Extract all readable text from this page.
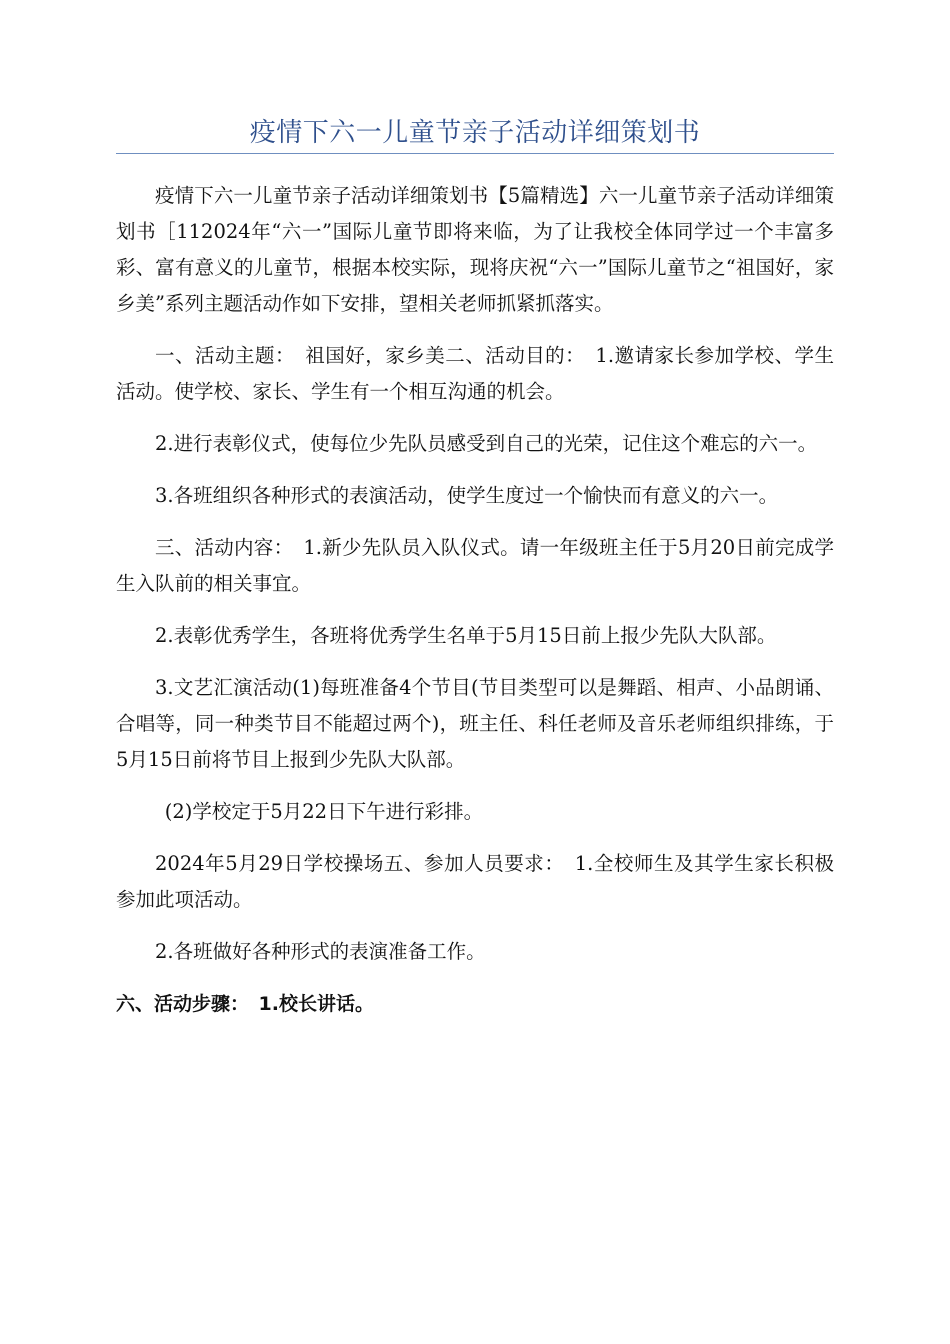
疫情下六一儿童节亲子活动详细策划书

疫情下六一儿童节亲子活动详细策划书【5篇精选】六一儿童节亲子活动详细策划书［112024年“六一”国际儿童节即将来临，为了让我校全体同学过一个丰富多彩、富有意义的儿童节，根据本校实际，现将庆祝“六一”国际儿童节之“祖国好，家乡美”系列主题活动作如下安排，望相关老师抓紧抓落实。

一、活动主题：　祖国好，家乡美二、活动目的：　1.邀请家长参加学校、学生活动。使学校、家长、学生有一个相互沟通的机会。

2.进行表彰仪式，使每位少先队员感受到自己的光荣，记住这个难忘的六一。

3.各班组织各种形式的表演活动，使学生度过一个愉快而有意义的六一。

三、活动内容：　1.新少先队员入队仪式。请一年级班主任于5月20日前完成学生入队前的相关事宜。

2.表彰优秀学生，各班将优秀学生名单于5月15日前上报少先队大队部。

3.文艺汇演活动(1)每班准备4个节目(节目类型可以是舞蹈、相声、小品朗诵、合唱等，同一种类节目不能超过两个)，班主任、科任老师及音乐老师组织排练，于5月15日前将节目上报到少先队大队部。

(2)学校定于5月22日下午进行彩排。

2024年5月29日学校操场五、参加人员要求：　1.全校师生及其学生家长积极参加此项活动。

2.各班做好各种形式的表演准备工作。

六、活动步骤：　1.校长讲话。
